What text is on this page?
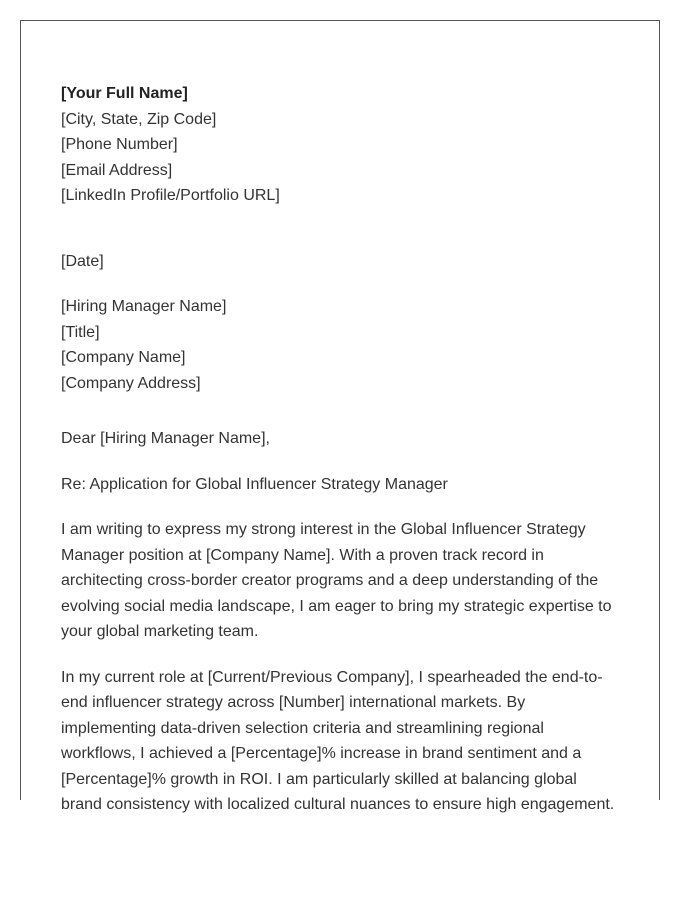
[Your Full Name]
[City, State, Zip Code]
[Phone Number]
[Email Address]
[LinkedIn Profile/Portfolio URL]
[Date]
[Hiring Manager Name]
[Title]
[Company Name]
[Company Address]
Dear [Hiring Manager Name],
Re: Application for Global Influencer Strategy Manager

I am writing to express my strong interest in the Global Influencer Strategy Manager position at [Company Name]. With a proven track record in architecting cross-border creator programs and a deep understanding of the evolving social media landscape, I am eager to bring my strategic expertise to your global marketing team.

In my current role at [Current/Previous Company], I spearheaded the end-to-end influencer strategy across [Number] international markets. By implementing data-driven selection criteria and streamlining regional workflows, I achieved a [Percentage]% increase in brand sentiment and a [Percentage]% growth in ROI. I am particularly skilled at balancing global brand consistency with localized cultural nuances to ensure high engagement.
